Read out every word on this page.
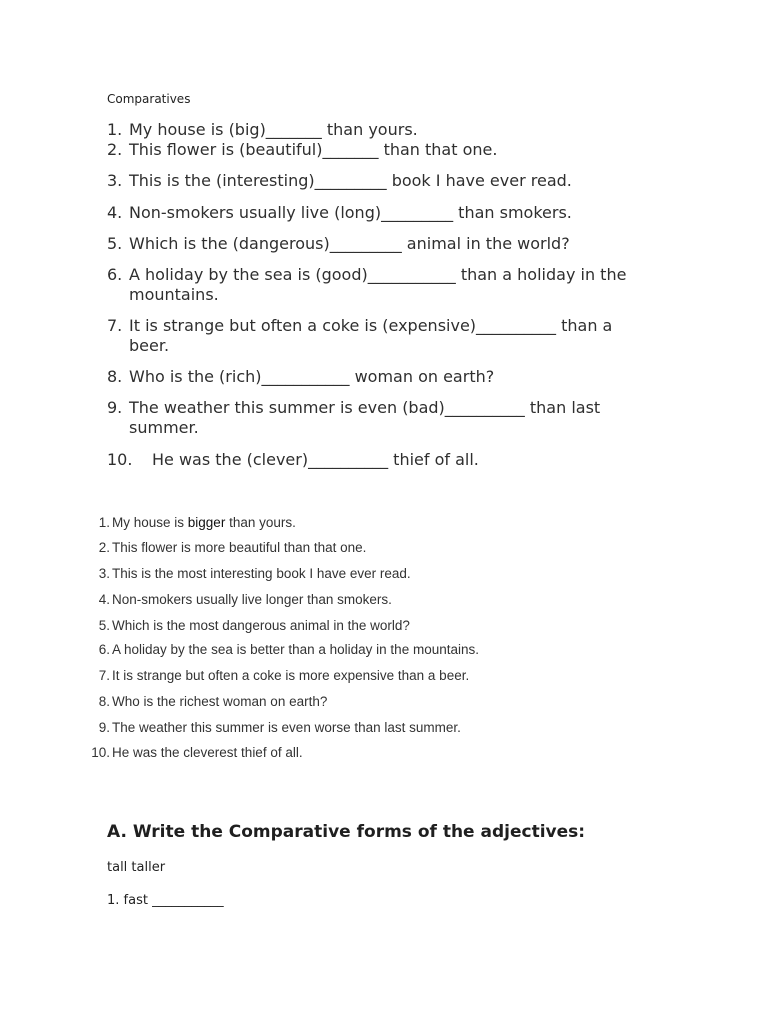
Comparatives
1. My house is (big)_______ than yours.
2. This flower is (beautiful)_______ than that one.
3. This is the (interesting)_________ book I have ever read.
4. Non-smokers usually live (long)_________ than smokers.
5. Which is the (dangerous)_________ animal in the world?
6. A holiday by the sea is (good)___________ than a holiday in the mountains.
7. It is strange but often a coke is (expensive)__________ than a beer.
8. Who is the (rich)___________ woman on earth?
9. The weather this summer is even (bad)__________ than last summer.
10. He was the (clever)__________ thief of all.
1. My house is bigger than yours.
2. This flower is more beautiful than that one.
3. This is the most interesting book I have ever read.
4. Non-smokers usually live longer than smokers.
5. Which is the most dangerous animal in the world?
6. A holiday by the sea is better than a holiday in the mountains.
7. It is strange but often a coke is more expensive than a beer.
8. Who is the richest woman on earth?
9. The weather this summer is even worse than last summer.
10. He was the cleverest thief of all.
A. Write the Comparative forms of the adjectives:
tall taller
1. fast ___________
